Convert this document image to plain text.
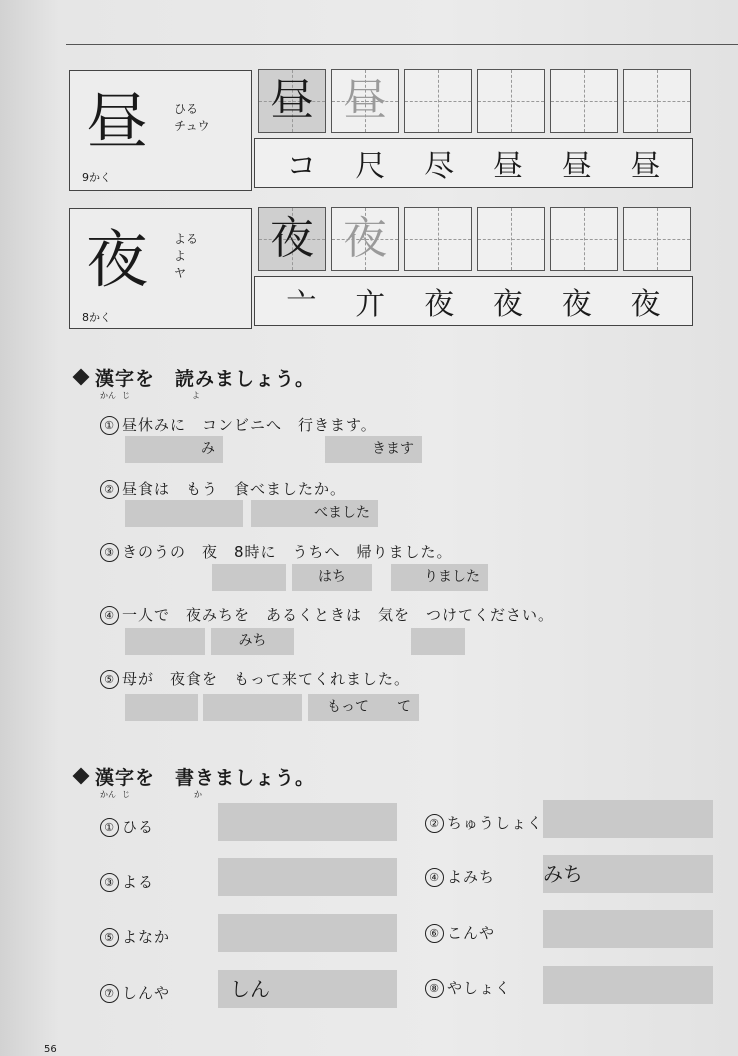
昼 ひる
チュウ
9かく
昼 昼
コ 尺 尽 昼 昼 昼
夜 よる
よ
ヤ
8かく
夜 夜
亠 亣 夜 夜 夜 夜
漢字を　読みましょう。
かん じ	よ
① 昼休みに　コンビニへ　行きます。
み	きます
② 昼食は　もう　食べましたか。
べました
③ きのうの　夜　8時に　うちへ　帰りました。
はち	りました
④ 一人で　夜みちを　あるくときは　気を　つけてください。
みち
⑤ 母が　夜食を　もって来てくれました。
もって　　て
漢字を　書きましょう。
かん じ	か
① ひる	② ちゅうしょく
③ よる	④ よみち みち
⑤ よなか	⑥ こんや
⑦ しんや	しん	⑧ やしょく
56
